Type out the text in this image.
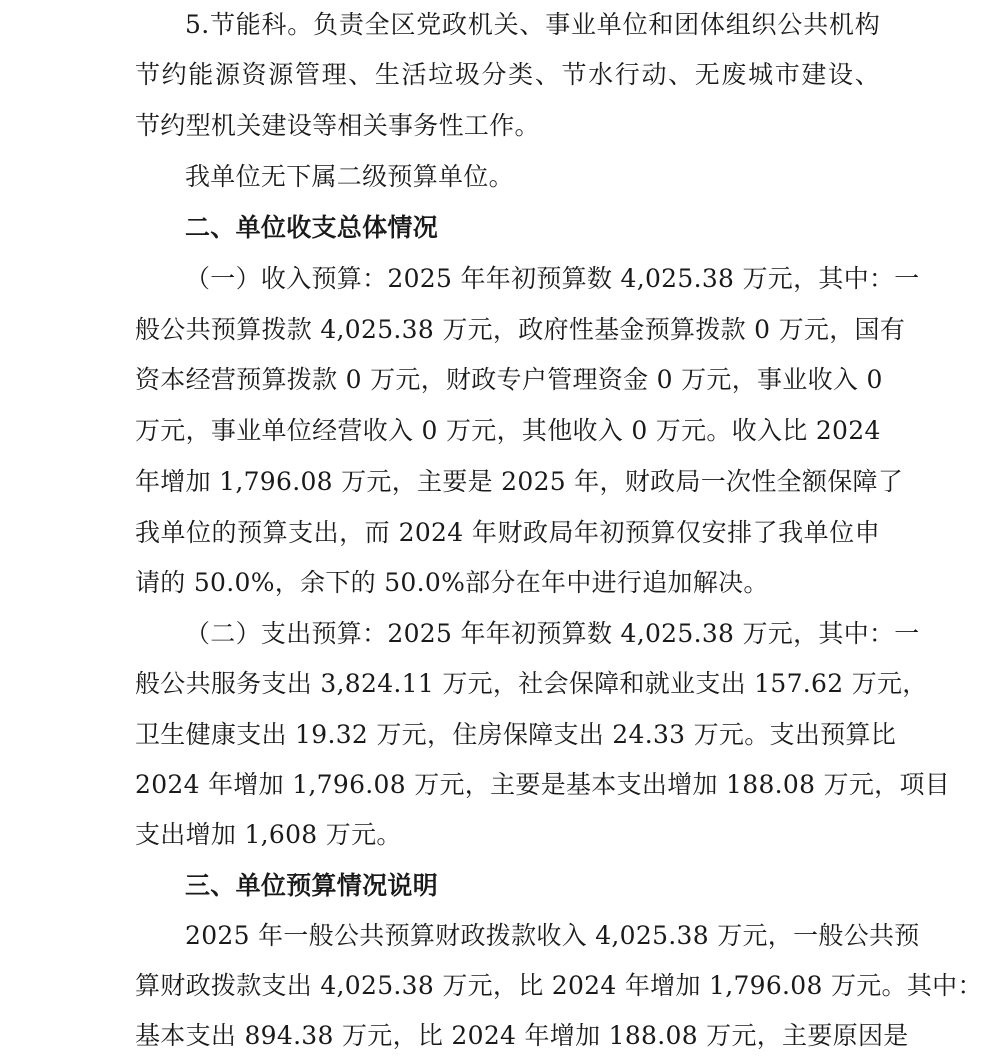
5.节能科。负责全区党政机关、事业单位和团体组织公共机构
节约能源资源管理、生活垃圾分类、节水行动、无废城市建设、
节约型机关建设等相关事务性工作。
我单位无下属二级预算单位。
二、单位收支总体情况
（一）收入预算：2025 年年初预算数 4,025.38 万元，其中：一
般公共预算拨款 4,025.38 万元，政府性基金预算拨款 0 万元，国有
资本经营预算拨款 0 万元，财政专户管理资金 0 万元，事业收入 0
万元，事业单位经营收入 0 万元，其他收入 0 万元。收入比 2024
年增加 1,796.08 万元，主要是 2025 年，财政局一次性全额保障了
我单位的预算支出，而 2024 年财政局年初预算仅安排了我单位申
请的 50.0%，余下的 50.0%部分在年中进行追加解决。
（二）支出预算：2025 年年初预算数 4,025.38 万元，其中：一
般公共服务支出 3,824.11 万元，社会保障和就业支出 157.62 万元，
卫生健康支出 19.32 万元，住房保障支出 24.33 万元。支出预算比
2024 年增加 1,796.08 万元，主要是基本支出增加 188.08 万元，项目
支出增加 1,608 万元。
三、单位预算情况说明
2025 年一般公共预算财政拨款收入 4,025.38 万元，一般公共预
算财政拨款支出 4,025.38 万元，比 2024 年增加 1,796.08 万元。其中：
基本支出 894.38 万元，比 2024 年增加 188.08 万元，主要原因是
